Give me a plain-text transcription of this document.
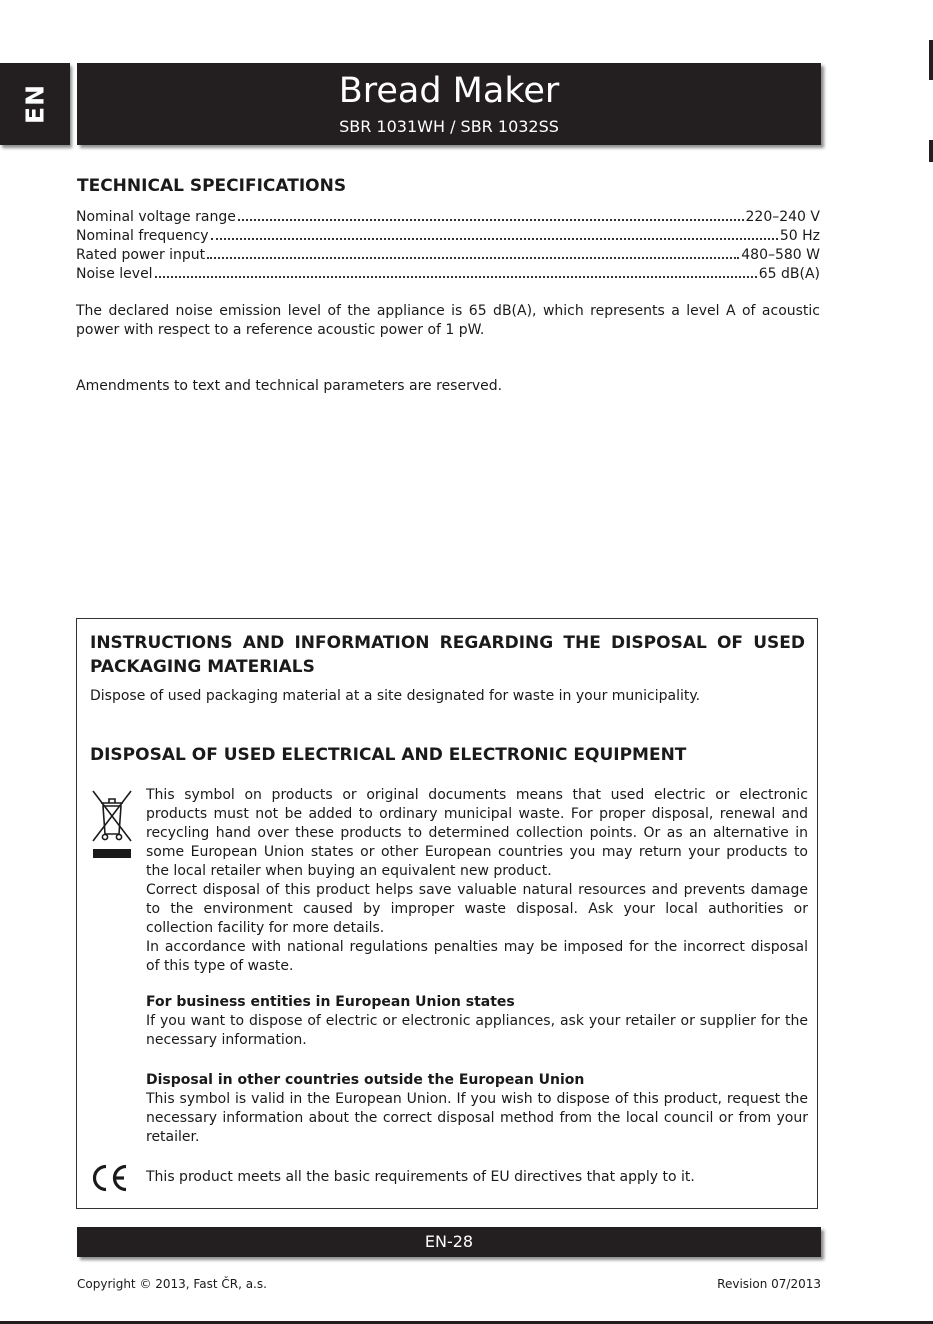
EN	Bread Maker
SBR 1031WH / SBR 1032SS
TECHNICAL SPECIFICATIONS
Nominal voltage range	220–240 V
Nominal frequency	50 Hz
Rated power input	480–580 W
Noise level	65 dB(A)

The declared noise emission level of the appliance is 65 dB(A), which represents a level A of acoustic power with respect to a reference acoustic power of 1 pW.

Amendments to text and technical parameters are reserved.

INSTRUCTIONS AND INFORMATION REGARDING THE DISPOSAL OF USED PACKAGING MATERIALS

Dispose of used packaging material at a site designated for waste in your municipality.

DISPOSAL OF USED ELECTRICAL AND ELECTRONIC EQUIPMENT

This symbol on products or original documents means that used electric or electronic products must not be added to ordinary municipal waste. For proper disposal, renewal and recycling hand over these products to determined collection points. Or as an alternative in some European Union states or other European countries you may return your products to the local retailer when buying an equivalent new product.

Correct disposal of this product helps save valuable natural resources and prevents damage to the environment caused by improper waste disposal. Ask your local authorities or collection facility for more details.

In accordance with national regulations penalties may be imposed for the incorrect disposal of this type of waste.

For business entities in European Union states

If you want to dispose of electric or electronic appliances, ask your retailer or supplier for the necessary information.

Disposal in other countries outside the European Union

This symbol is valid in the European Union. If you wish to dispose of this product, request the necessary information about the correct disposal method from the local council or from your retailer.

This product meets all the basic requirements of EU directives that apply to it.
EN-28
Copyright © 2013, Fast ČR, a.s.	Revision 07/2013
